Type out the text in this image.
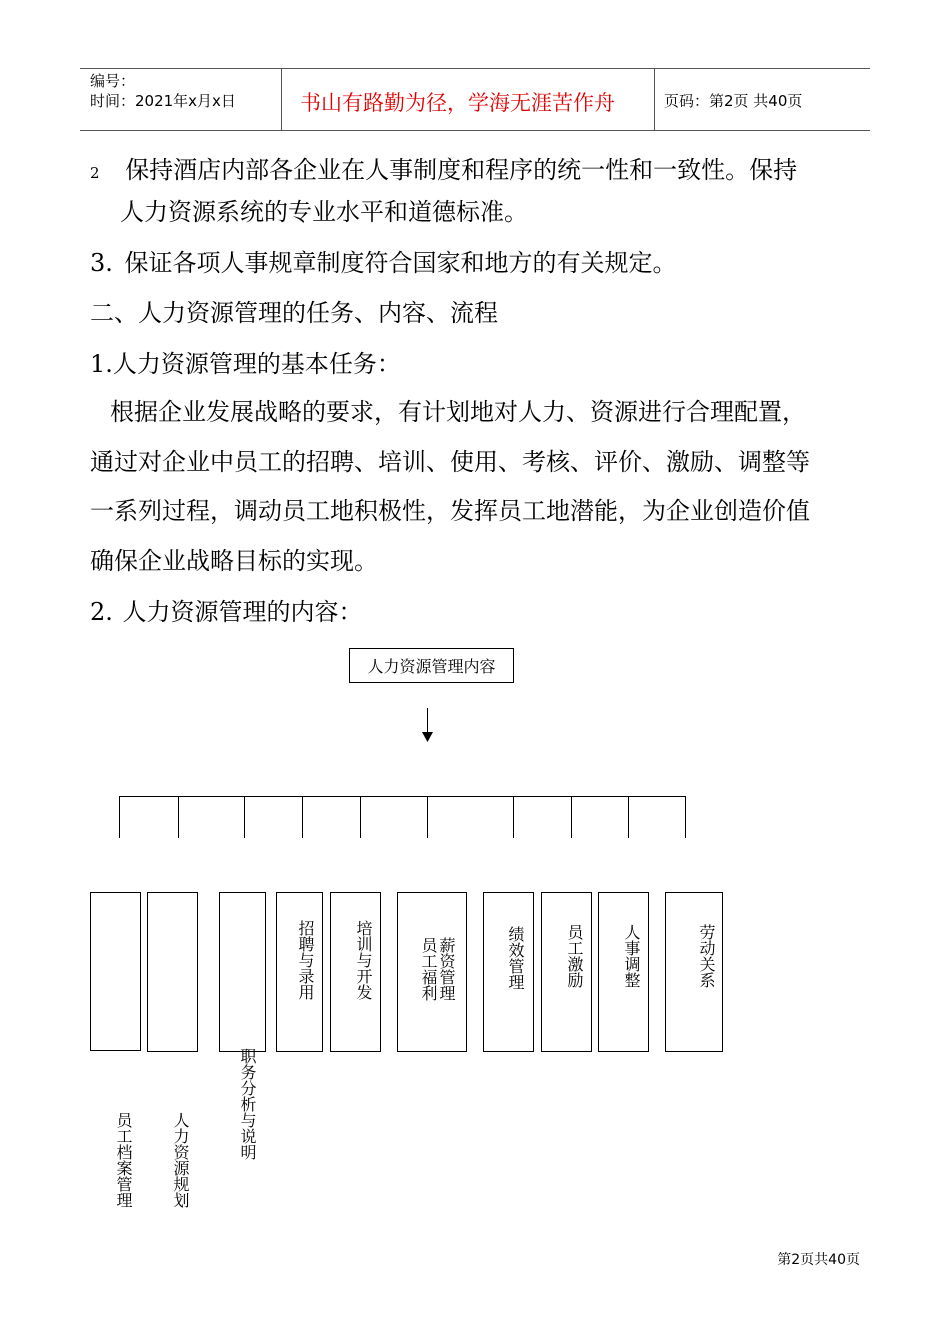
编号：
时间：2021年x月x日	书山有路勤为径，学海无涯苦作舟	页码：第2页 共40页
2 保持酒店内部各企业在人事制度和程序的统一性和一致性。保持
人力资源系统的专业水平和道德标准。
3. 保证各项人事规章制度符合国家和地方的有关规定。
二、人力资源管理的任务、内容、流程
1.人力资源管理的基本任务：
根据企业发展战略的要求，有计划地对人力、资源进行合理配置，
通过对企业中员工的招聘、培训、使用、考核、评价、激励、调整等
一系列过程，调动员工地积极性，发挥员工地潜能，为企业创造价值
确保企业战略目标的实现。
2. 人力资源管理的内容：
人力资源管理内容
员工档案管理 人力资源规划	职务分析与说明
招聘与录用 培训与开发	薪资管理
员工福利	绩效管理	员工激励 人事调整	劳动关系
第2页共40页
